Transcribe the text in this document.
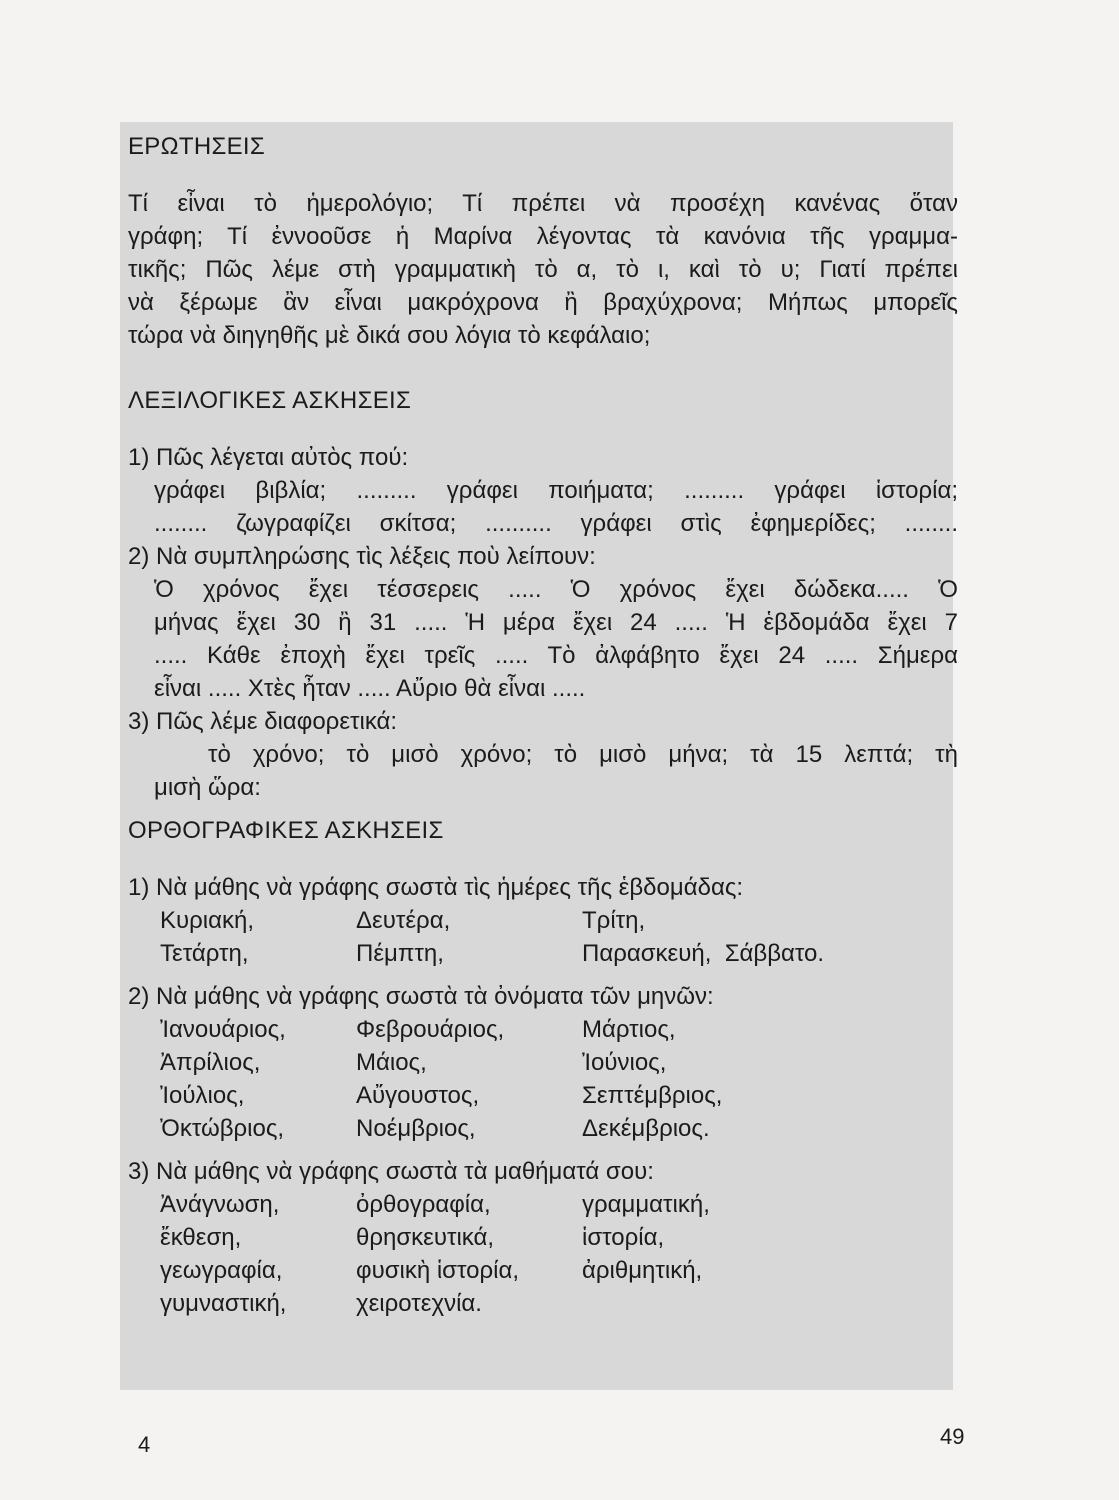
ΕΡΩΤΗΣΕΙΣ

Τί εἶναι τὸ ἡμερολόγιο; Τί πρέπει νὰ προσέχη κανένας ὅταν
γράφη; Τί ἐννοοῦσε ἡ Μαρίνα λέγοντας τὰ κανόνια τῆς γραμμα-
τικῆς; Πῶς λέμε στὴ γραμματικὴ τὸ α, τὸ ι, καὶ τὸ υ; Γιατί πρέπει
νὰ ξέρωμε ἂν εἶναι μακρόχρονα ἢ βραχύχρονα; Μήπως μπορεῖς
τώρα νὰ διηγηθῆς μὲ δικά σου λόγια τὸ κεφάλαιο;

ΛΕΞΙΛΟΓΙΚΕΣ ΑΣΚΗΣΕΙΣ

1) Πῶς λέγεται αὐτὸς πού:
γράφει βιβλία; ......... γράφει ποιήματα; ......... γράφει ἱστορία;
........ ζωγραφίζει σκίτσα; .......... γράφει στὶς ἐφημερίδες; ........
2) Νὰ συμπληρώσης τὶς λέξεις ποὺ λείπουν:
Ὁ χρόνος ἔχει τέσσερεις ..... Ὁ χρόνος ἔχει δώδεκα..... Ὁ
μήνας ἔχει 30 ἢ 31 ..... Ἡ μέρα ἔχει 24 ..... Ἡ ἑβδομάδα ἔχει 7
..... Κάθε ἐποχὴ ἔχει τρεῖς ..... Τὸ ἀλφάβητο ἔχει 24 ..... Σήμερα
εἶναι ..... Χτὲς ἦταν ..... Αὔριο θὰ εἶναι .....
3) Πῶς λέμε διαφορετικά:
τὸ χρόνο; τὸ μισὸ χρόνο; τὸ μισὸ μήνα; τὰ 15 λεπτά; τὴ
μισὴ ὥρα:

ΟΡΘΟΓΡΑΦΙΚΕΣ ΑΣΚΗΣΕΙΣ

1) Νὰ μάθης νὰ γράφης σωστὰ τὶς ἡμέρες τῆς ἑβδομάδας:
Κυριακή,	Δευτέρα,	Τρίτη,
Τετάρτη,	Πέμπτη,	Παρασκευή,  Σάββατο.
2) Νὰ μάθης νὰ γράφης σωστὰ τὰ ὀνόματα τῶν μηνῶν:
Ἰανουάριος,	Φεβρουάριος,	Μάρτιος,
Ἀπρίλιος,	Μάιος,	Ἰούνιος,
Ἰούλιος,	Αὔγουστος,	Σεπτέμβριος,
Ὀκτώβριος,	Νοέμβριος,	Δεκέμβριος.
3) Νὰ μάθης νὰ γράφης σωστὰ τὰ μαθήματά σου:
Ἀνάγνωση,	ὀρθογραφία,	γραμματική,
ἔκθεση,	θρησκευτικά,	ἱστορία,
γεωγραφία,	φυσικὴ ἱστορία,	ἀριθμητική,
γυμναστική,	χειροτεχνία.
4	49
